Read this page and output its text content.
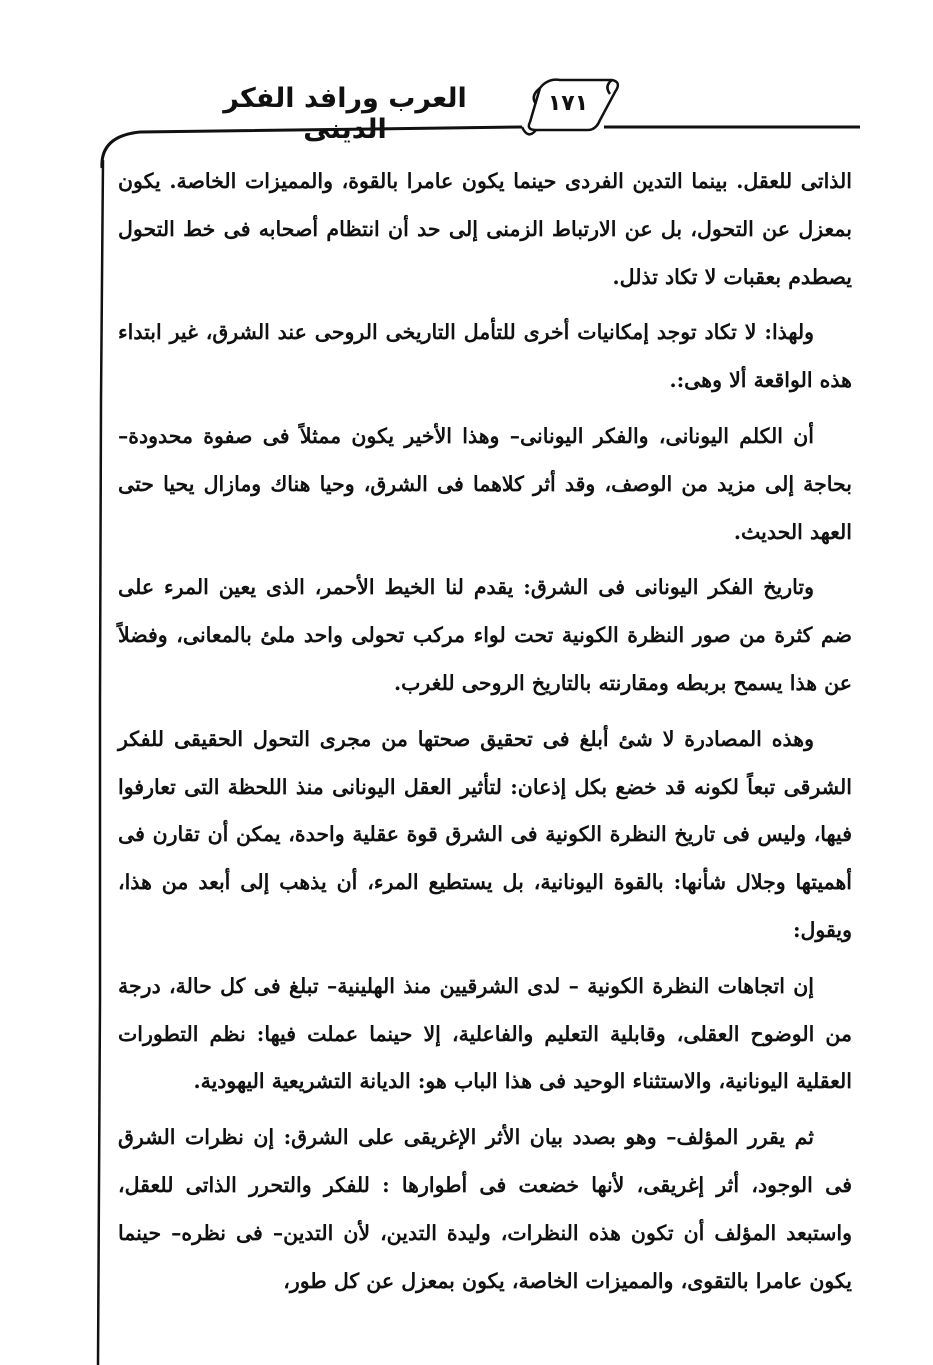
العرب ورافد الفكر الدينى
١٧١

الذاتى للعقل. بينما التدين الفردى حينما يكون عامرا بالقوة، والمميزات الخاصة. يكون بمعزل عن التحول، بل عن الارتباط الزمنى إلى حد أن انتظام أصحابه فى خط التحول يصطدم بعقبات لا تكاد تذلل.

ولهذا: لا تكاد توجد إمكانيات أخرى للتأمل التاريخى الروحى عند الشرق، غير ابتداء هذه الواقعة ألا وهى:.

أن الكلم اليونانى، والفكر اليونانى– وهذا الأخير يكون ممثلاً فى صفوة محدودة– بحاجة إلى مزيد من الوصف، وقد أثر كلاهما فى الشرق، وحيا هناك ومازال يحيا حتى العهد الحديث.

وتاريخ الفكر اليونانى فى الشرق: يقدم لنا الخيط الأحمر، الذى يعين المرء على ضم كثرة من صور النظرة الكونية تحت لواء مركب تحولى واحد ملئ بالمعانى، وفضلاً عن هذا يسمح بربطه ومقارنته بالتاريخ الروحى للغرب.

وهذه المصادرة لا شئ أبلغ فى تحقيق صحتها من مجرى التحول الحقيقى للفكر الشرقى تبعاً لكونه قد خضع بكل إذعان: لتأثير العقل اليونانى منذ اللحظة التى تعارفوا فيها، وليس فى تاريخ النظرة الكونية فى الشرق قوة عقلية واحدة، يمكن أن تقارن فى أهميتها وجلال شأنها: بالقوة اليونانية، بل يستطيع المرء، أن يذهب إلى أبعد من هذا، ويقول:

إن اتجاهات النظرة الكونية – لدى الشرقيين منذ الهلينية– تبلغ فى كل حالة، درجة من الوضوح العقلى، وقابلية التعليم والفاعلية، إلا حينما عملت فيها: نظم التطورات العقلية اليونانية، والاستثناء الوحيد فى هذا الباب هو: الديانة التشريعية اليهودية.

ثم يقرر المؤلف– وهو بصدد بيان الأثر الإغريقى على الشرق: إن نظرات الشرق فى الوجود، أثر إغريقى، لأنها خضعت فى أطوارها : للفكر والتحرر الذاتى للعقل، واستبعد المؤلف أن تكون هذه النظرات، وليدة التدين، لأن التدين– فى نظره– حينما يكون عامرا بالتقوى، والمميزات الخاصة، يكون بمعزل عن كل طور،
